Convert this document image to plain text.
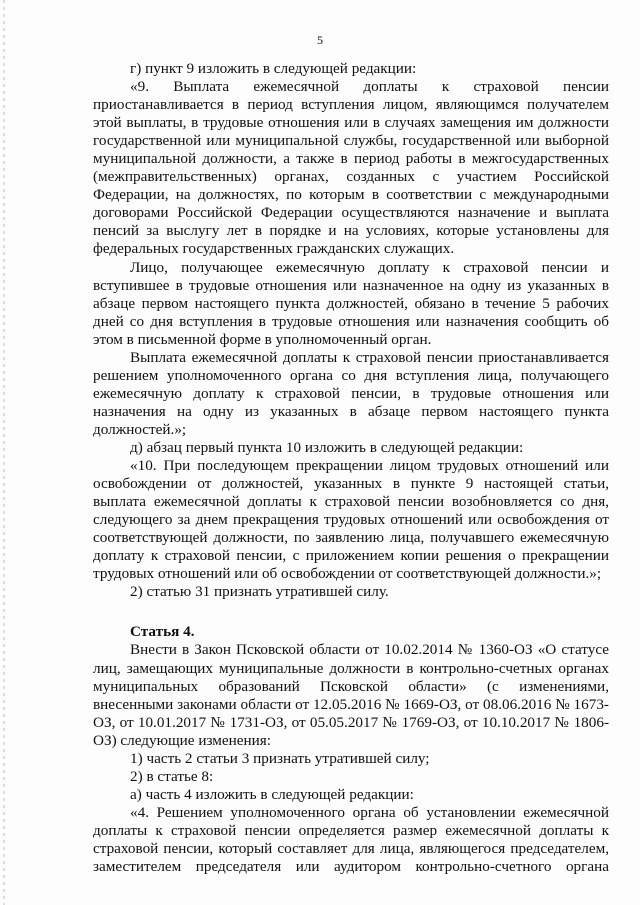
5

г) пункт 9 изложить в следующей редакции:

«9. Выплата ежемесячной доплаты к страховой пенсии приостанавливается в период вступления лицом, являющимся получателем этой выплаты, в трудовые отношения или в случаях замещения им должности государственной или муниципальной службы, государственной или выборной муниципальной должности, а также в период работы в межгосударственных (межправительственных) органах, созданных с участием Российской Федерации, на должностях, по которым в соответствии с международными договорами Российской Федерации осуществляются назначение и выплата пенсий за выслугу лет в порядке и на условиях, которые установлены для федеральных государственных гражданских служащих.

Лицо, получающее ежемесячную доплату к страховой пенсии и вступившее в трудовые отношения или назначенное на одну из указанных в абзаце первом настоящего пункта должностей, обязано в течение 5 рабочих дней со дня вступления в трудовые отношения или назначения сообщить об этом в письменной форме в уполномоченный орган.

Выплата ежемесячной доплаты к страховой пенсии приостанавливается решением уполномоченного органа со дня вступления лица, получающего ежемесячную доплату к страховой пенсии, в трудовые отношения или назначения на одну из указанных в абзаце первом настоящего пункта должностей.»;

д) абзац первый пункта 10 изложить в следующей редакции:

«10. При последующем прекращении лицом трудовых отношений или освобождении от должностей, указанных в пункте 9 настоящей статьи, выплата ежемесячной доплаты к страховой пенсии возобновляется со дня, следующего за днем прекращения трудовых отношений или освобождения от соответствующей должности, по заявлению лица, получавшего ежемесячную доплату к страховой пенсии, с приложением копии решения о прекращении трудовых отношений или об освобождении от соответствующей должности.»;

2) статью 31 признать утратившей силу.

Статья 4.

Внести в Закон Псковской области от 10.02.2014 № 1360-ОЗ «О статусе лиц, замещающих муниципальные должности в контрольно-счетных органах муниципальных образований Псковской области» (с изменениями, внесенными законами области от 12.05.2016 № 1669-ОЗ, от 08.06.2016 № 1673-ОЗ, от 10.01.2017 № 1731-ОЗ, от 05.05.2017 № 1769-ОЗ, от 10.10.2017 № 1806-ОЗ) следующие изменения:

1) часть 2 статьи 3 признать утратившей силу;

2) в статье 8:

а) часть 4 изложить в следующей редакции:

«4. Решением уполномоченного органа об установлении ежемесячной доплаты к страховой пенсии определяется размер ежемесячной доплаты к страховой пенсии, который составляет для лица, являющегося председателем, заместителем председателя или аудитором контрольно-счетного органа
